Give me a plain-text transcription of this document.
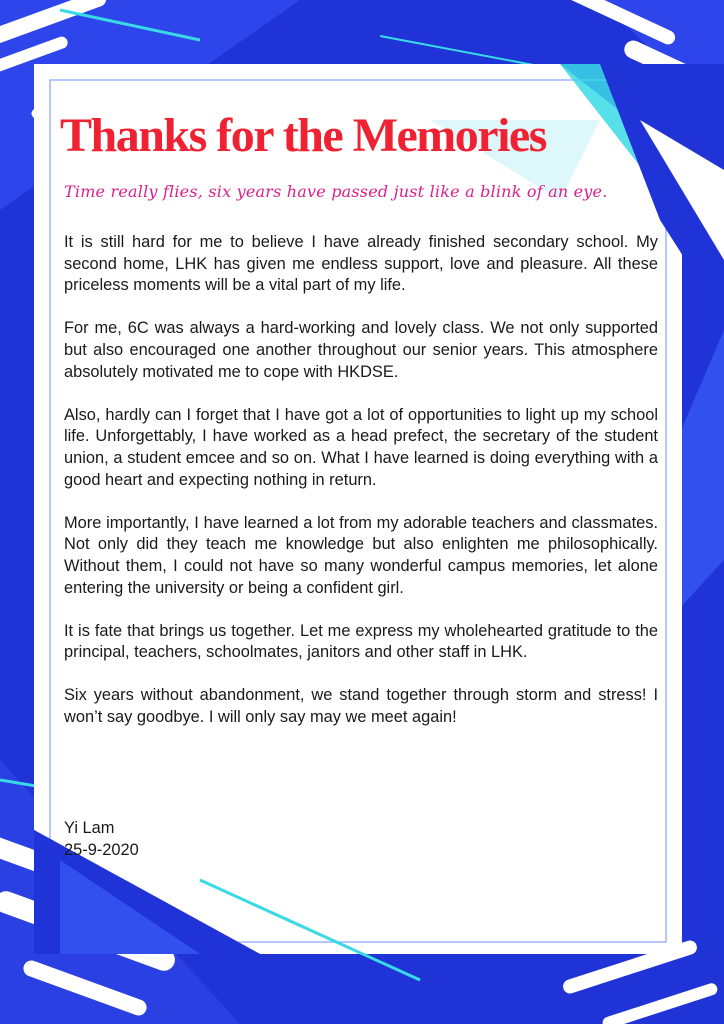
Thanks for the Memories

Time really flies, six years have passed just like a blink of an eye.

It is still hard for me to believe I have already finished secondary school. My second home, LHK has given me endless support, love and pleasure. All these priceless moments will be a vital part of my life.

For me, 6C was always a hard-working and lovely class. We not only supported but also encouraged one another throughout our senior years. This atmosphere absolutely motivated me to cope with HKDSE.

Also, hardly can I forget that I have got a lot of opportunities to light up my school life. Unforgettably, I have worked as a head prefect, the secretary of the student union, a student emcee and so on. What I have learned is doing everything with a good heart and expecting nothing in return.

More importantly, I have learned a lot from my adorable teachers and classmates. Not only did they teach me knowledge but also enlighten me philosophically. Without them, I could not have so many wonderful campus memories, let alone entering the university or being a confident girl.

It is fate that brings us together. Let me express my wholehearted gratitude to the principal, teachers, schoolmates, janitors and other staff in LHK.

Six years without abandonment, we stand together through storm and stress! I won’t say goodbye. I will only say may we meet again!

Yi Lam
25-9-2020
